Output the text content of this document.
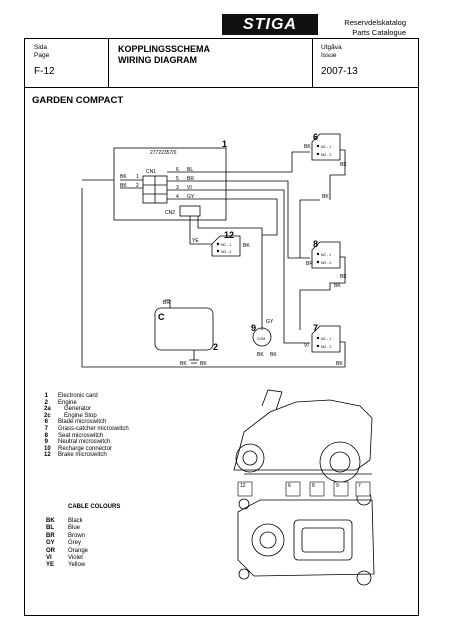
STIGA	Reservdelskatalog
Parts Catalogue
Sida
Page
F-12
KOPPLINGSSCHEMA
WIRING DIAGRAM
Utgåva
Issue
2007-13
GARDEN COMPACT
27722357/0
CN1
CN2
BK
BK
1
2
6
5
3
4
BL
BR
VI
GY
YE
BK
BK
BK
BK
BR
BK
BK
BR
GY
VI
BK BK
BK	BK	BK
NC - 1
NO - 2
NC - 1
NO - 2
NC - 1
NO - 2
NC - 1
NO - 2
COM
1
6
8
7
12
9
2
C
12	6	8	9	7
1	Electronic card
2	Engine
2a	Generator
2c	Engine Stop
6	Blade microswitch
7	Grass-catcher microswitch
8	Seat microswitch
9	Neutral microswitch
10	Recharge connector
12	Brake microswitch
CABLE COLOURS
BK	Black
BL	Blue
BR	Brown
GY	Grey
OR	Orange
VI	Violet
YE	Yellow
